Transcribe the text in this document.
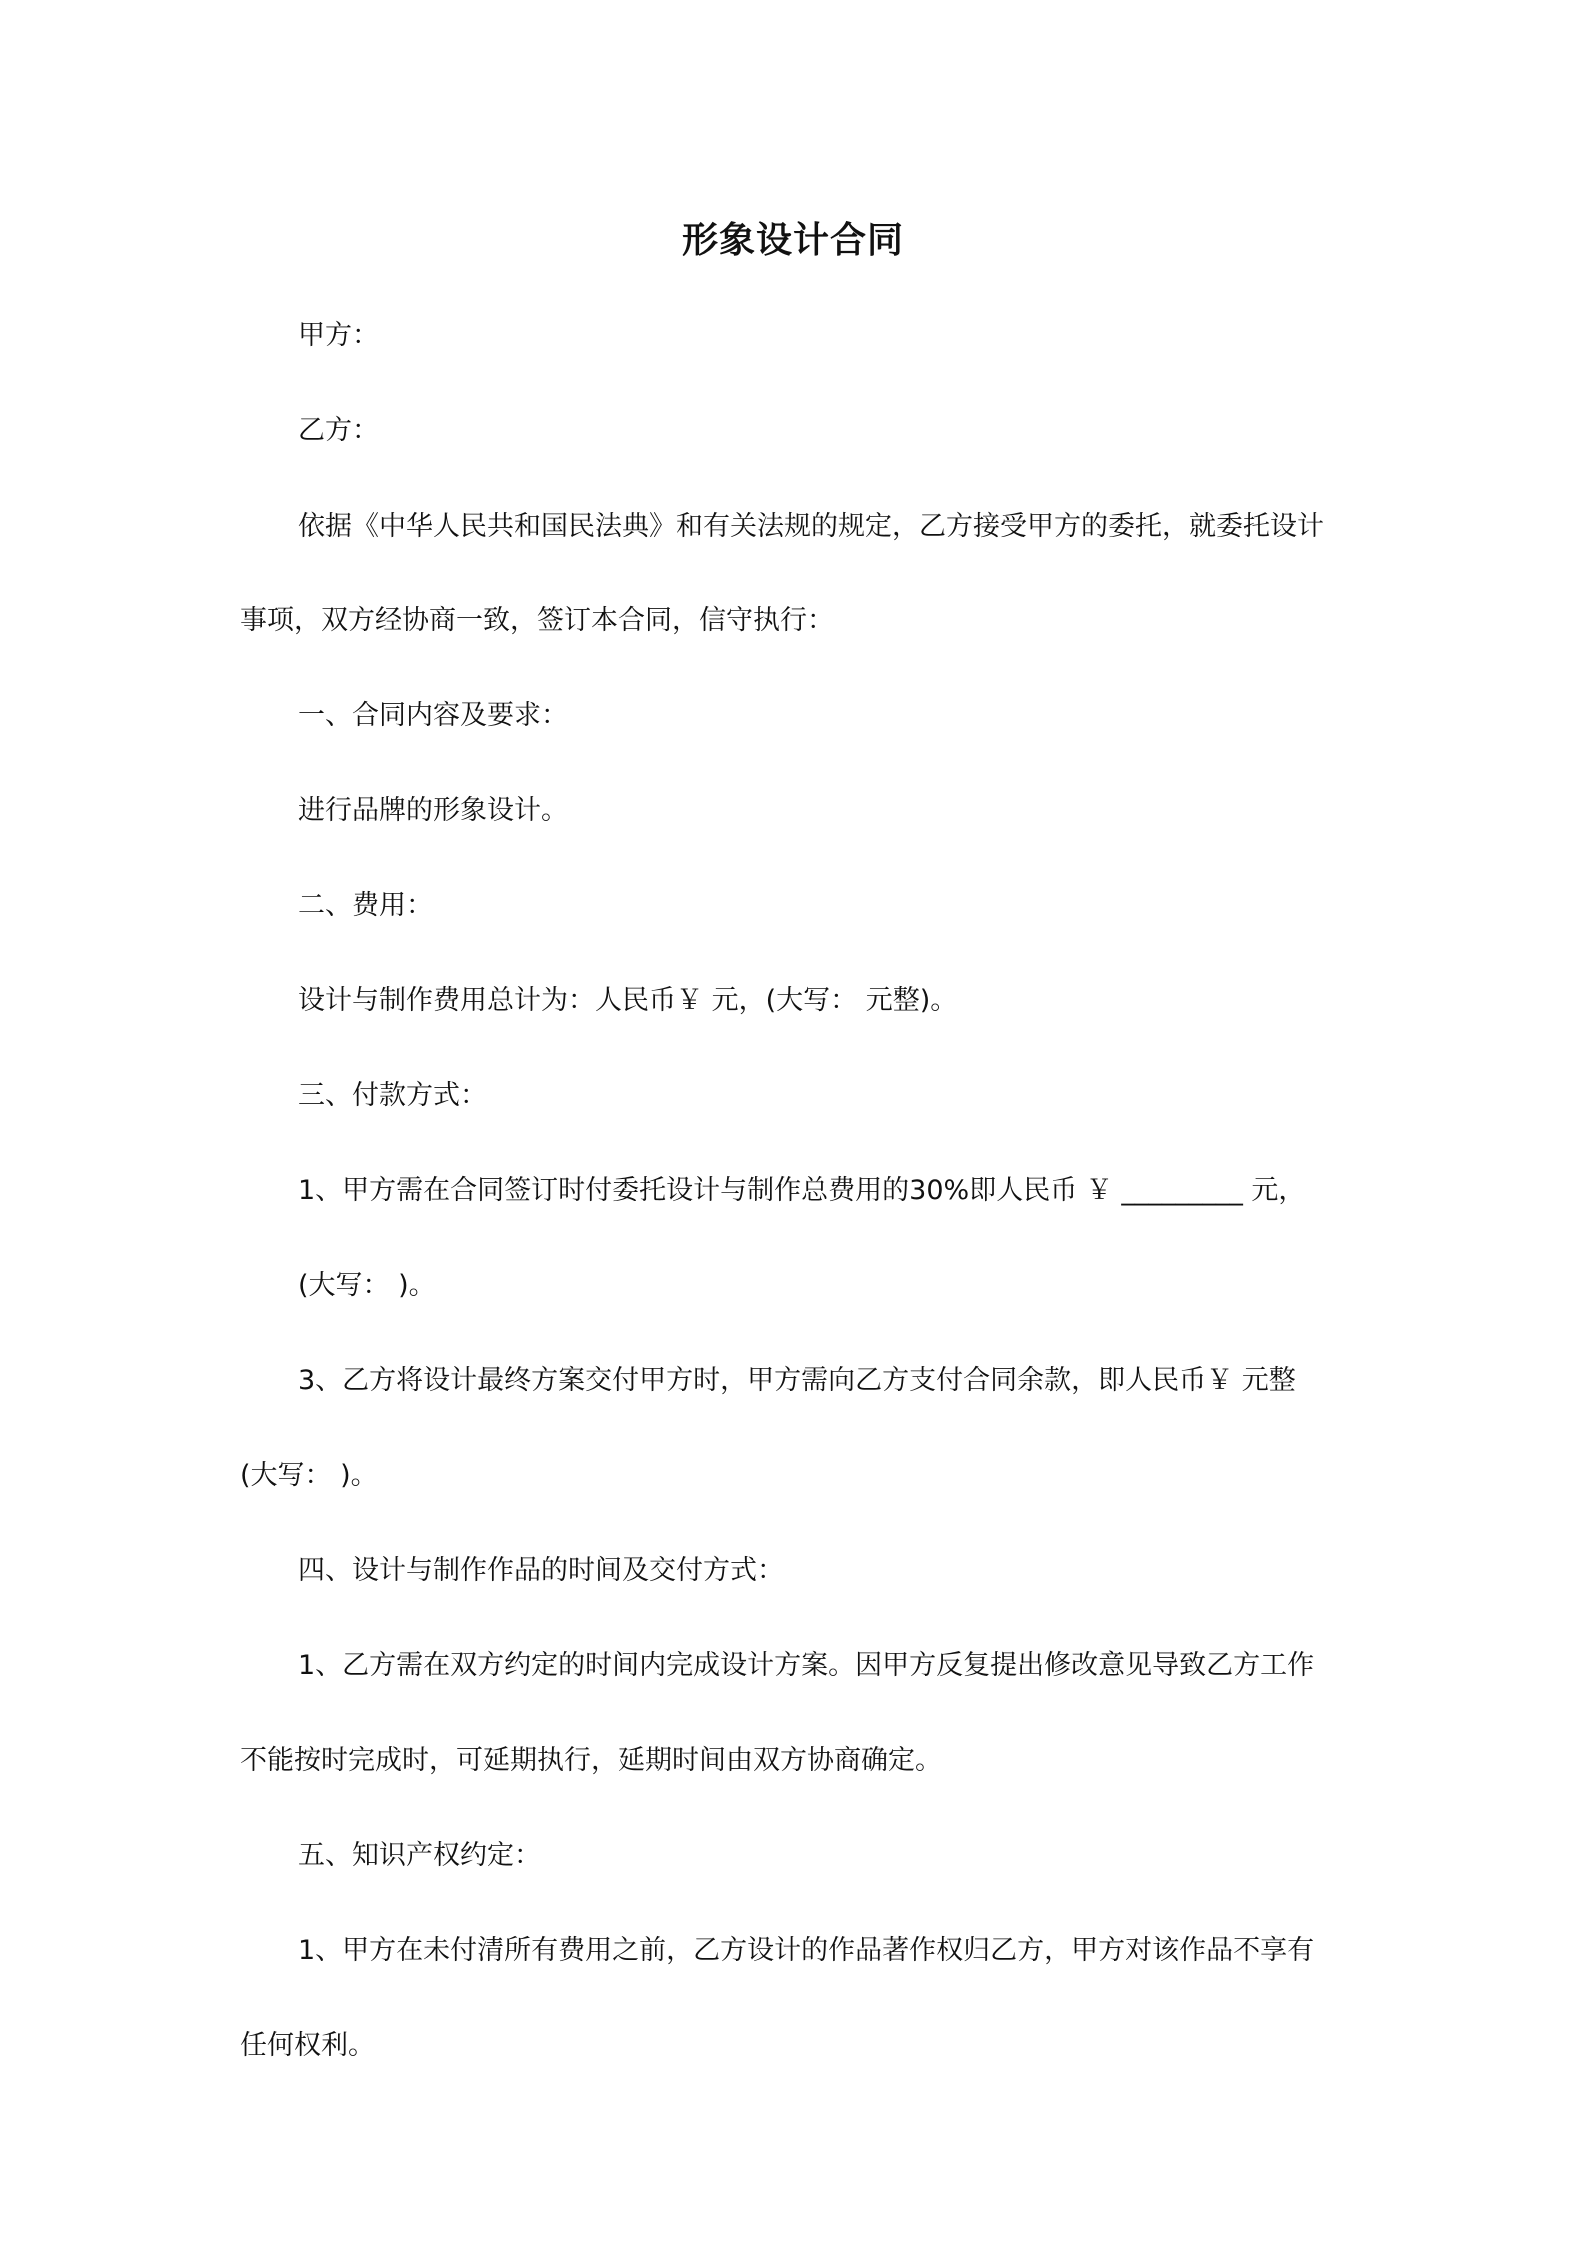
形象设计合同
甲方：
乙方：
依据《中华人民共和国民法典》和有关法规的规定，乙方接受甲方的委托，就委托设计
事项，双方经协商一致，签订本合同，信守执行：
一、合同内容及要求：
进行品牌的形象设计。
二、费用：
设计与制作费用总计为：人民币￥ 元，(大写： 元整)。
三、付款方式：
1、甲方需在合同签订时付委托设计与制作总费用的30%即人民币 ￥ _________ 元，
(大写： )。
3、乙方将设计最终方案交付甲方时，甲方需向乙方支付合同余款，即人民币￥ 元整
(大写： )。
四、设计与制作作品的时间及交付方式：
1、乙方需在双方约定的时间内完成设计方案。因甲方反复提出修改意见导致乙方工作
不能按时完成时，可延期执行，延期时间由双方协商确定。
五、知识产权约定：
1、甲方在未付清所有费用之前，乙方设计的作品著作权归乙方，甲方对该作品不享有
任何权利。
